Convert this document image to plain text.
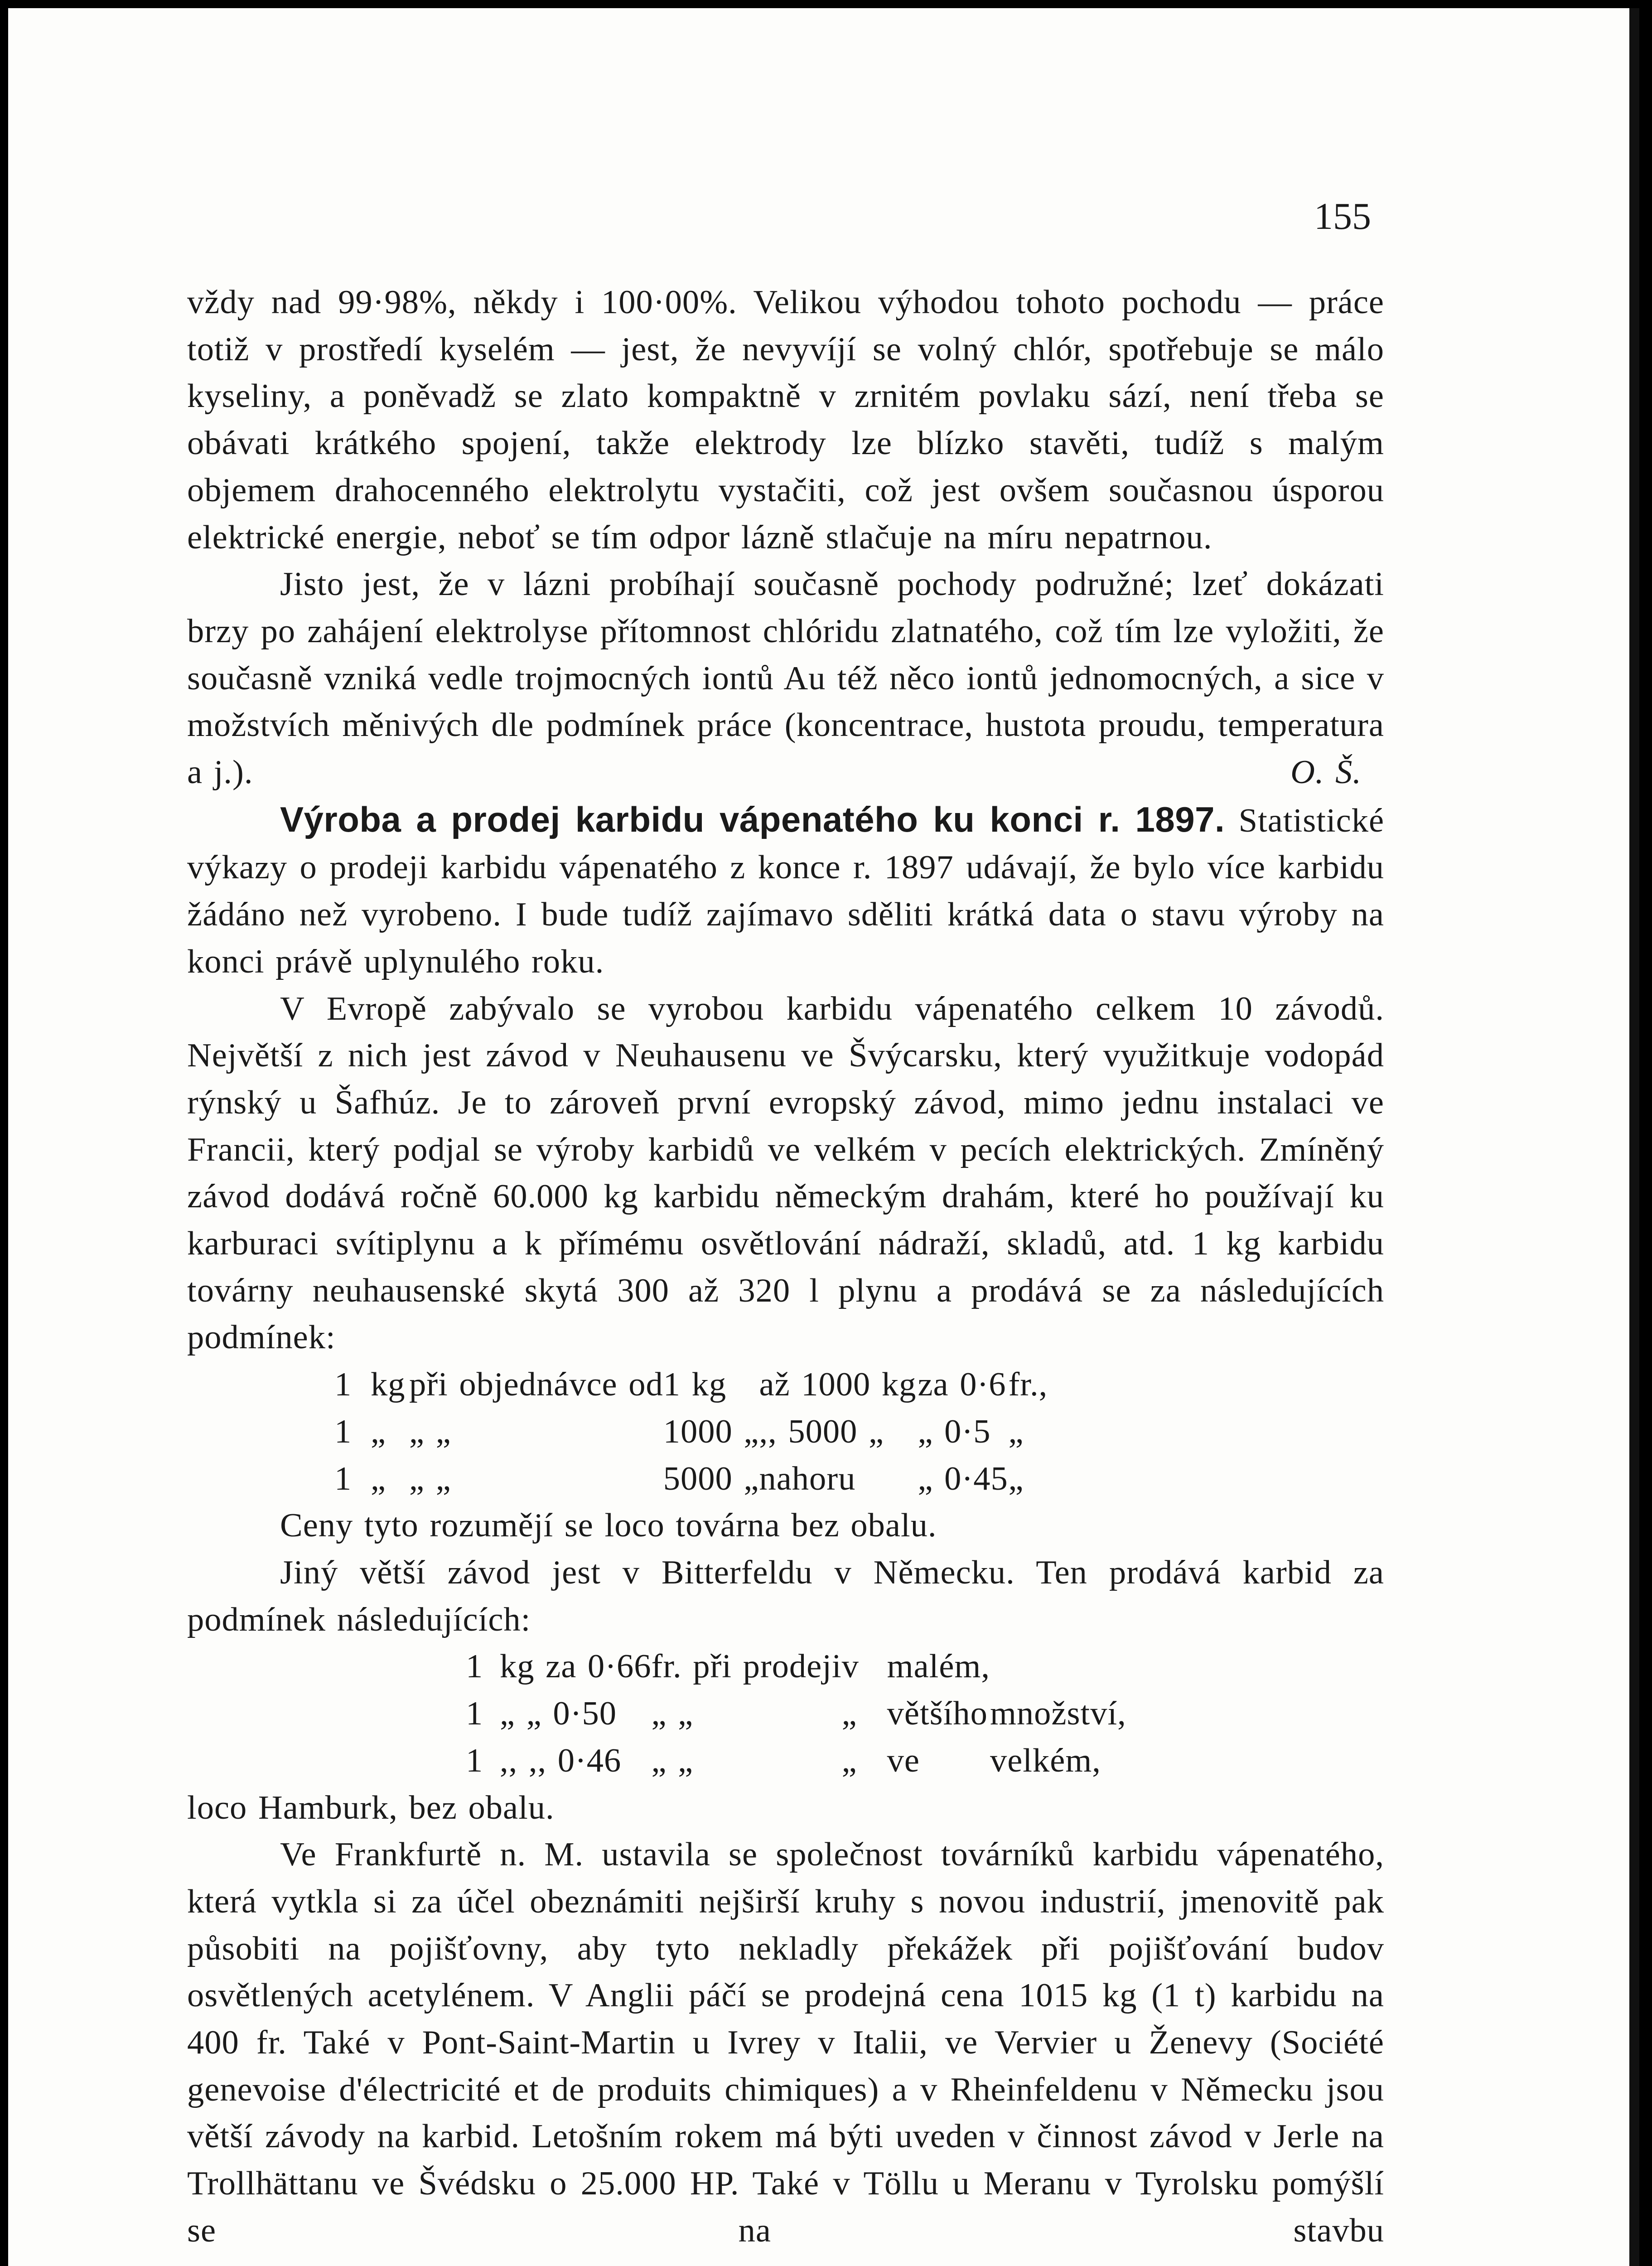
155

vždy nad 99·98%, někdy i 100·00%. Velikou výhodou tohoto pochodu — práce totiž v prostředí kyselém — jest, že nevyvíjí se volný chlór, spotřebuje se málo kyseliny, a poněvadž se zlato kompaktně v zrnitém povlaku sází, není třeba se obávati krátkého spojení, takže elektrody lze blízko stavěti, tudíž s malým objemem drahocenného elektrolytu vystačiti, což jest ovšem současnou úsporou elektrické energie, neboť se tím odpor lázně stlačuje na míru nepatrnou.

Jisto jest, že v lázni probíhají současně pochody podružné; lzeť dokázati brzy po zahájení elektrolyse přítomnost chlóridu zlatnatého, což tím lze vyložiti, že současně vzniká vedle trojmocných iontů Au též něco iontů jednomocných, a sice v možstvích měnivých dle podmínek práce (koncentrace, hustota proudu, temperatura a j.).	O. Š.

Výroba a prodej karbidu vápenatého ku konci r. 1897. Statistické výkazy o prodeji karbidu vápenatého z konce r. 1897 udávají, že bylo více karbidu žádáno než vyrobeno. I bude tudíž zajímavo sděliti krátká data o stavu výroby na konci právě uplynulého roku.

V Evropě zabývalo se vyrobou karbidu vápenatého celkem 10 závodů. Největší z nich jest závod v Neuhausenu ve Švýcarsku, který využitkuje vodopád rýnský u Šafhúz. Je to zároveň první evropský závod, mimo jednu instalaci ve Francii, který podjal se výroby karbidů ve velkém v pecích elektrických. Zmíněný závod dodává ročně 60.000 kg karbidu německým drahám, které ho používají ku karburaci svítiplynu a k přímému osvětlování nádraží, skladů, atd. 1 kg karbidu továrny neuhausenské skytá 300 až 320 l plynu a prodává se za následujících podmínek:

1	kg	při objednávce od	1 kg	až 1000 kg	za 0·6	fr.,
1	„	„ „	1000 „	,, 5000 „	„ 0·5	„
1	„	„ „	5000 „	nahoru	„ 0·45	„

Ceny tyto rozumějí se loco továrna bez obalu.

Jiný větší závod jest v Bitterfeldu v Německu. Ten prodává karbid za podmínek následujících:

1	kg za 0·66	fr. při prodeji	v	malém,	
1	„ „ 0·50	„ „	„	většího	množství,
1	,, ,, 0·46	„ „	„	ve	velkém,

loco Hamburk, bez obalu.

Ve Frankfurtě n. M. ustavila se společnost továrníků karbidu vápenatého, která vytkla si za účel obeznámiti nejširší kruhy s novou industrií, jmenovitě pak působiti na pojišťovny, aby tyto nekladly překážek při pojišťování budov osvětlených acetylénem. V Anglii páčí se prodejná cena 1015 kg (1 t) karbidu na 400 fr. Také v Pont-Saint-Martin u Ivrey v Italii, ve Vervier u Ženevy (Société genevoise d'électricité et de produits chimiques) a v Rheinfeldenu v Německu jsou větší závody na karbid. Letošním rokem má býti uveden v činnost závod v Jerle na Trollhättanu ve Švédsku o 25.000 HP. Také v Töllu u Meranu v Tyrolsku pomýšlí se na stavbu
